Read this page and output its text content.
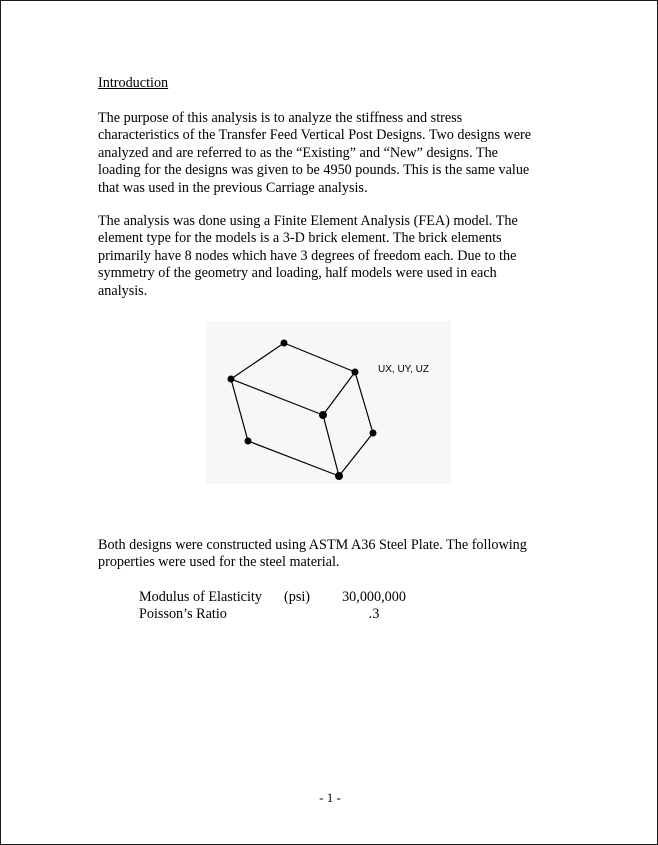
Introduction

The purpose of this analysis is to analyze the stiffness and stress
characteristics of the Transfer Feed Vertical Post Designs. Two designs were
analyzed and are referred to as the “Existing” and “New” designs. The
loading for the designs was given to be 4950 pounds. This is the same value
that was used in the previous Carriage analysis.

The analysis was done using a Finite Element Analysis (FEA) model. The
element type for the models is a 3-D brick element. The brick elements
primarily have 8 nodes which have 3 degrees of freedom each. Due to the
symmetry of the geometry and loading, half models were used in each
analysis.

UX, UY, UZ

Both designs were constructed using ASTM A36 Steel Plate. The following
properties were used for the steel material.

Modulus of Elasticity (psi) 30,000,000
Poisson’s Ratio	.3
- 1 -
